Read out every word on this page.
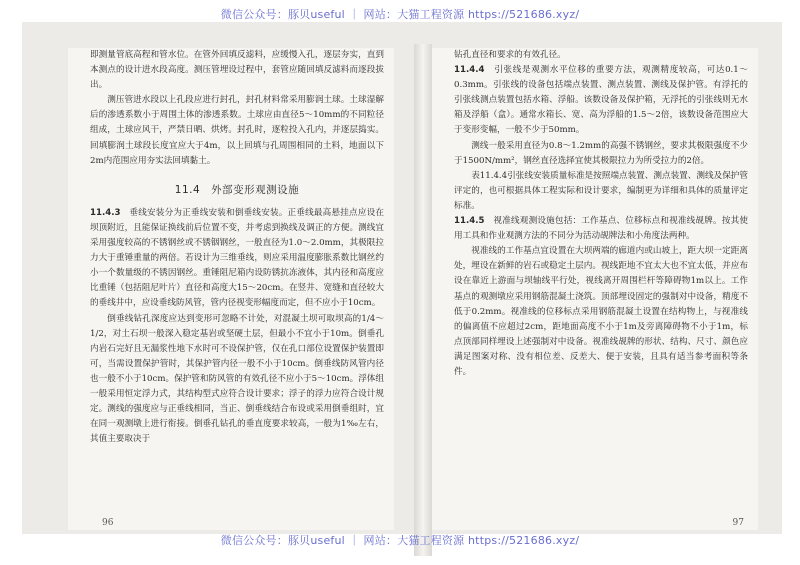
微信公众号：豚贝useful ｜ 网站：大猫工程资源 https://521686.xyz/

即测量管底高程和管水位。在管外回填反滤料，应缓慢入孔，逐层夯实，直到本测点的设计进水段高度。测压管埋设过程中，套管应随回填反滤料而逐段拔出。

测压管进水段以上孔段应进行封孔，封孔材料常采用膨润土球。土球湿解后的渗透系数小于周围土体的渗透系数。土球应由直径5～10mm的不同粒径组成，土球应风干，严禁日晒、烘烤。封孔时，逐粒投入孔内，并逐层捣实。回填膨润土球段长度宜应大于4m，以上回填与孔周围相同的土料，地面以下2m内范围应用夯实法回填黏土。

11.4　外部变形观测设施

11.4.3　 垂线安装分为正垂线安装和倒垂线安装。正垂线最高悬挂点应设在坝顶附近，且能保证换线前后位置不变，并考虑到换线及调正的方便。测线宜采用强度较高的不锈钢丝或不锈铟钢丝，一般直径为1.0～2.0mm，其极限拉力大于重锤重量的两倍。若设计为三维垂线，则应采用温度膨胀系数比钢丝约小一个数量级的不锈因钢丝。重锤阻尼箱内设防锈抗冻液体，其内径和高度应比重锤（包括阻尼叶片）直径和高度大15～20cm。在竖井、宽缝和直径较大的垂线井中，应设垂线防风管，管内径视变形幅度而定，但不应小于10cm。

倒垂线钻孔深度应达到变形可忽略不计处，对混凝土坝可取坝高的1/4～1/2，对土石坝一般深入稳定基岩或坚硬土层，但最小不宜小于10m。倒垂孔内岩石完好且无漏浆性地下水时可不设保护管，仅在孔口部位设置保护装置即可，当需设置保护管时，其保护管内径一般不小于10cm。倒垂线防风管内径也一般不小于10cm。保护管和防风管的有效孔径不应小于5～10cm。浮体组一般采用恒定浮力式，其结构型式应符合设计要求；浮子的浮力应符合设计规定。测线的强度应与正垂线相同，当正、倒垂线结合布设或采用倒垂组时，宜在同一观测墩上进行衔接。倒垂孔钻孔的垂直度要求较高，一般为1‰左右，其值主要取决于

96

钻孔直径和要求的有效孔径。

11.4.4　 引张线是观测水平位移的重要方法，观测精度较高，可达0.1～0.3mm。引张线的设备包括端点装置、测点装置、测线及保护管。有浮托的引张线测点装置包括水箱、浮船。该数设备及保护箱，无浮托的引张线则无水箱及浮船（盒）。通常水箱长、宽、高为浮船的1.5～2倍，该数设备范围应大于变形变幅，一般不少于50mm。

测线一般采用直径为0.8～1.2mm的高强不锈钢丝，要求其极限强度不少于1500N/mm²，钢丝直径选择宜使其极限拉力为所受拉力的2倍。

表11.4.4引张线安装质量标准是按照端点装置、测点装置、测线及保护管评定的，也可根据具体工程实际和设计要求，编制更为详细和具体的质量评定标准。

11.4.5　 视准线观测设施包括：工作基点、位移标点和视准线觇牌。按其使用工具和作业观测方法的不同分为活动觇牌法和小角度法两种。

视准线的工作基点宜设置在大坝两端的廊道内或山坡上，距大坝一定距离处，埋设在新鲜的岩石或稳定土层内。视线距地不宜太大也不宜太低，并应布设在靠近上游面与坝轴线平行处，视线离开周围栏杆等障碍物1m以上。工作基点的观测墩应采用钢筋混凝土浇筑。顶部埋设固定的强制对中设备，精度不低于0.2mm。视准线的位移标点采用钢筋混凝土设置在结构物上，与视准线的偏离值不应超过2cm，距地面高度不小于1m及旁离障碍物不小于1m，标点顶部同样埋设上述强制对中设备。视准线觇牌的形状、结构、尺寸、颜色应满足图案对称、没有相位差、反差大、便于安装，且具有适当参考面积等条件。

97
微信公众号：豚贝useful ｜ 网站：大猫工程资源 https://521686.xyz/
